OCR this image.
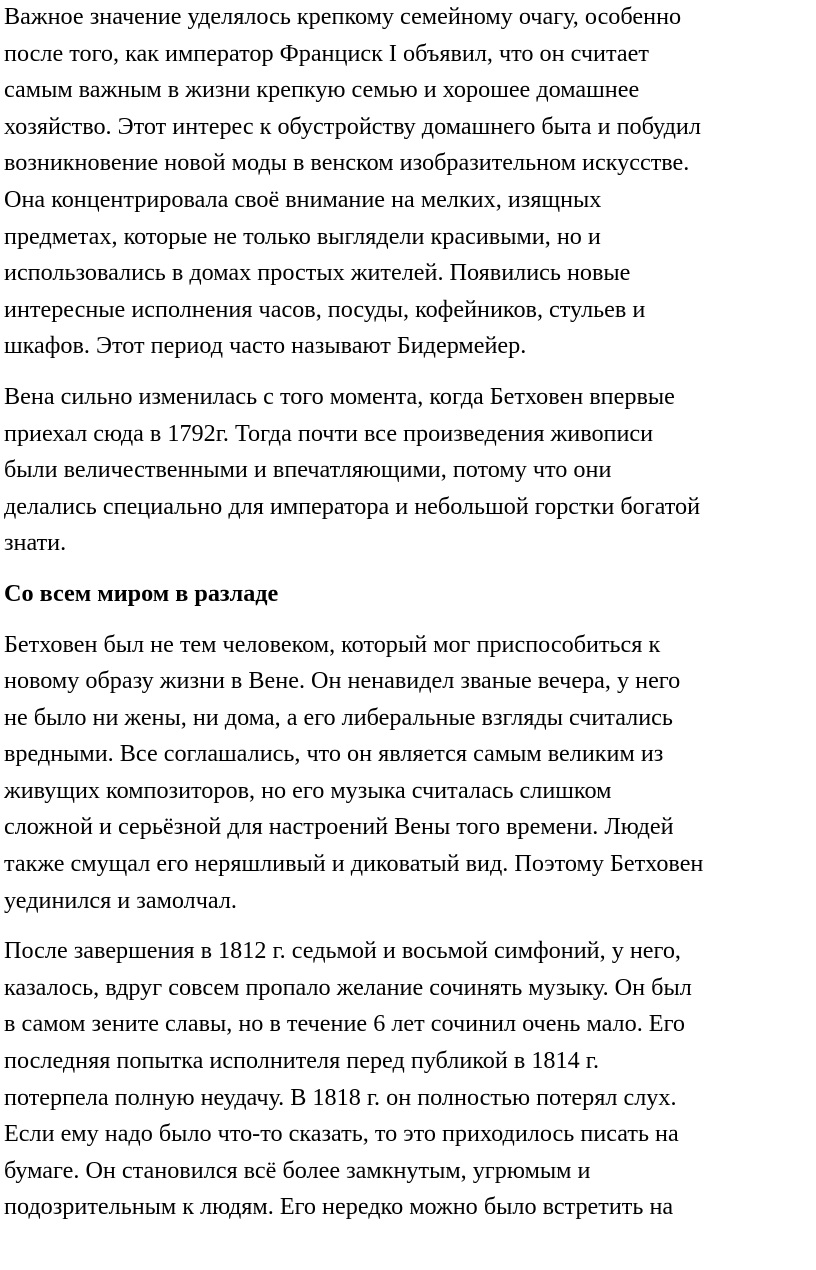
Важное значение уделялось крепкому семейному очагу, особенно
после того, как император Франциск I объявил, что он считает
самым важным в жизни крепкую семью и хорошее домашнее
хозяйство. Этот интерес к обустройству домашнего быта и побудил
возникновение новой моды в венском изобразительном искусстве.
Она концентрировала своё внимание на мелких, изящных
предметах, которые не только выглядели красивыми, но и
использовались в домах простых жителей. Появились новые
интересные исполнения часов, посуды, кофейников, стульев и
шкафов. Этот период часто называют Бидермейер.

Вена сильно изменилась с того момента, когда Бетховен впервые
приехал сюда в 1792г. Тогда почти все произведения живописи
были величественными и впечатляющими, потому что они
делались специально для императора и небольшой горстки богатой
знати.

Со всем миром в разладе

Бетховен был не тем человеком, который мог приспособиться к
новому образу жизни в Вене. Он ненавидел званые вечера, у него
не было ни жены, ни дома, а его либеральные взгляды считались
вредными. Все соглашались, что он является самым великим из
живущих композиторов, но его музыка считалась слишком
сложной и серьёзной для настроений Вены того времени. Людей
также смущал его неряшливый и диковатый вид. Поэтому Бетховен
уединился и замолчал.

После завершения в 1812 г. седьмой и восьмой симфоний, у него,
казалось, вдруг совсем пропало желание сочинять музыку. Он был
в самом зените славы, но в течение 6 лет сочинил очень мало. Его
последняя попытка исполнителя перед публикой в 1814 г.
потерпела полную неудачу. В 1818 г. он полностью потерял слух.
Если ему надо было что-то сказать, то это приходилось писать на
бумаге. Он становился всё более замкнутым, угрюмым и
подозрительным к людям. Его нередко можно было встретить на
